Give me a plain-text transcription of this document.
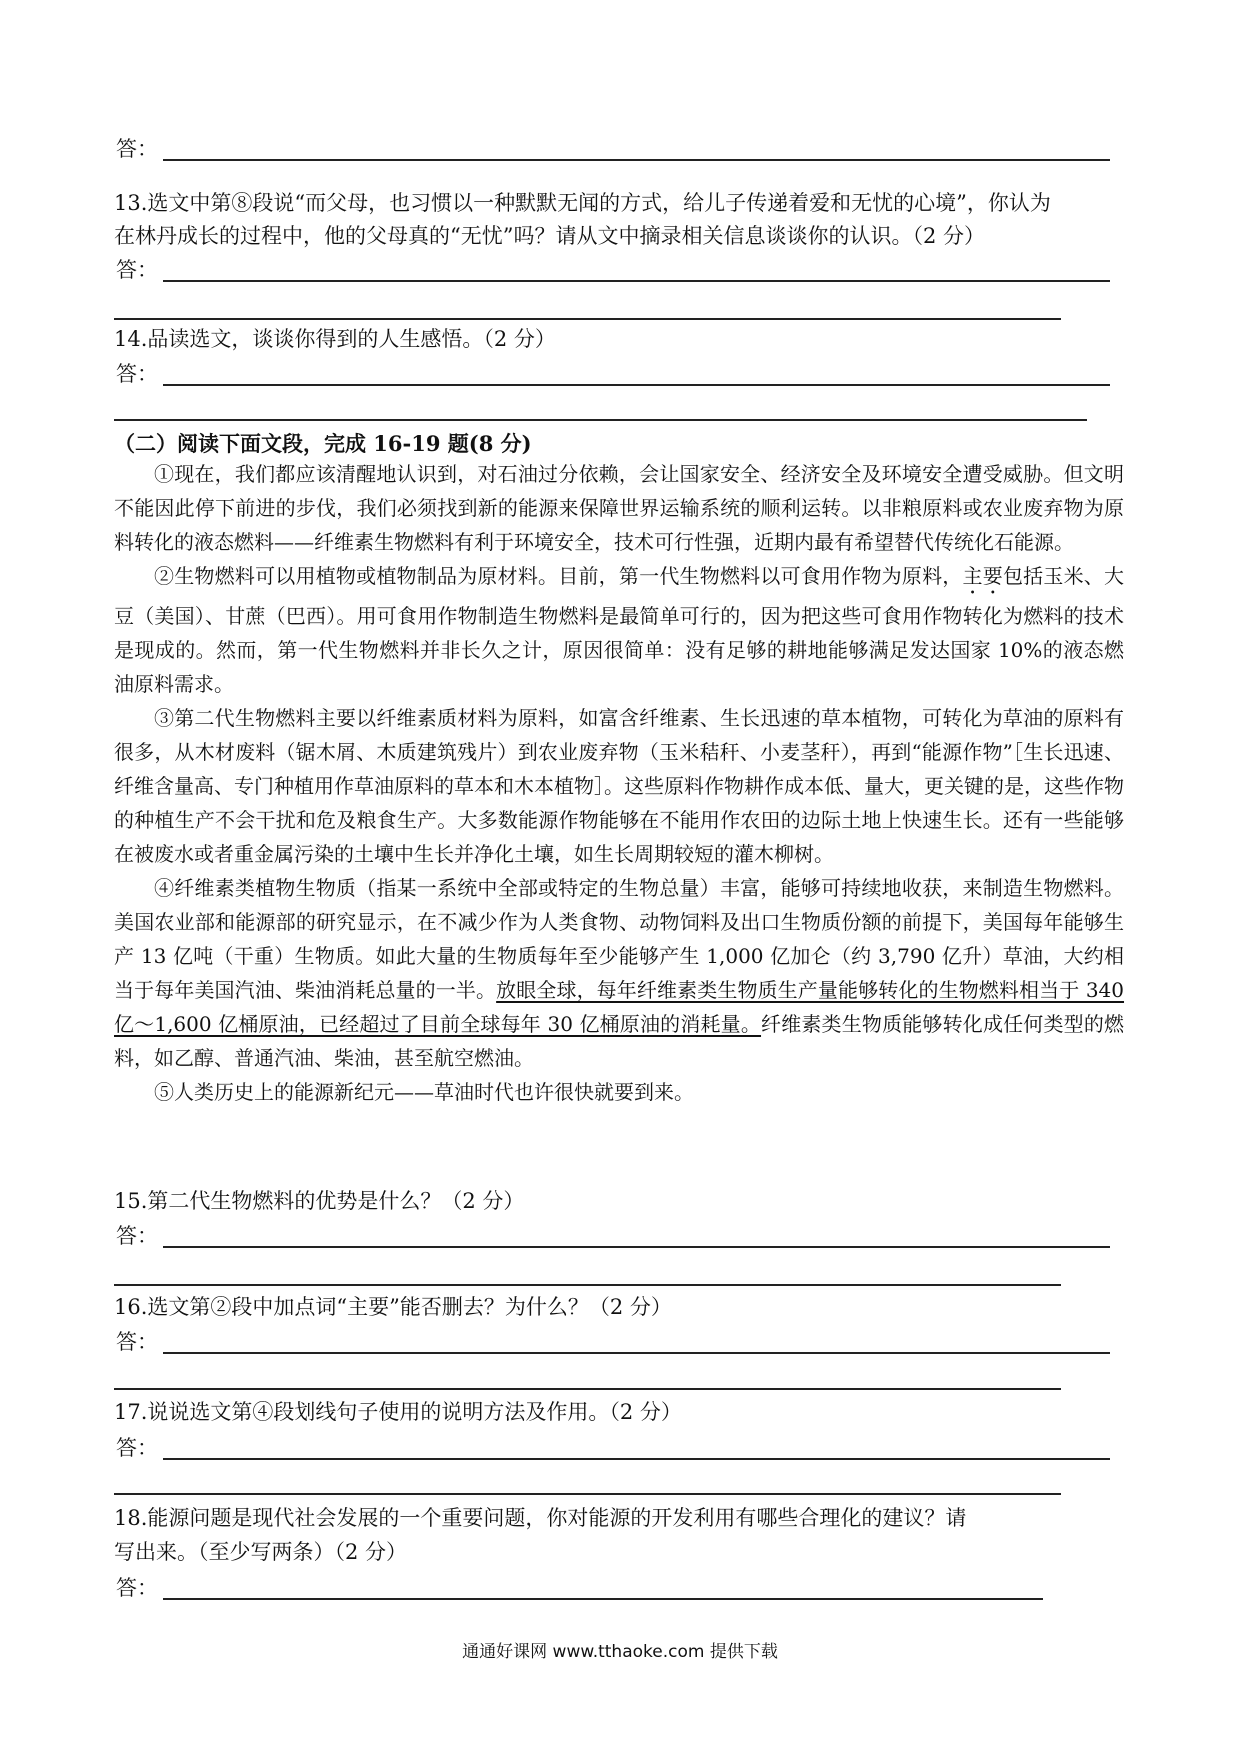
答：
13.选文中第⑧段说“而父母，也习惯以一种默默无闻的方式，给儿子传递着爱和无忧的心境”，你认为
在林丹成长的过程中，他的父母真的“无忧”吗？请从文中摘录相关信息谈谈你的认识。（2 分）
答：
14.品读选文，谈谈你得到的人生感悟。（2 分）
答：
（二）阅读下面文段，完成 16-19 题(8 分)

①现在，我们都应该清醒地认识到，对石油过分依赖，会让国家安全、经济安全及环境安全遭受威胁。但文明不能因此停下前进的步伐，我们必须找到新的能源来保障世界运输系统的顺利运转。以非粮原料或农业废弃物为原料转化的液态燃料——纤维素生物燃料有利于环境安全，技术可行性强，近期内最有希望替代传统化石能源。

②生物燃料可以用植物或植物制品为原材料。目前，第一代生物燃料以可食用作物为原料，主要包括玉米、大豆（美国）、甘蔗（巴西）。用可食用作物制造生物燃料是最简单可行的，因为把这些可食用作物转化为燃料的技术是现成的。然而，第一代生物燃料并非长久之计，原因很简单：没有足够的耕地能够满足发达国家 10%的液态燃油原料需求。

③第二代生物燃料主要以纤维素质材料为原料，如富含纤维素、生长迅速的草本植物，可转化为草油的原料有很多，从木材废料（锯木屑、木质建筑残片）到农业废弃物（玉米秸秆、小麦茎秆），再到“能源作物”［生长迅速、纤维含量高、专门种植用作草油原料的草本和木本植物］。这些原料作物耕作成本低、量大，更关键的是，这些作物的种植生产不会干扰和危及粮食生产。大多数能源作物能够在不能用作农田的边际土地上快速生长。还有一些能够在被废水或者重金属污染的土壤中生长并净化土壤，如生长周期较短的灌木柳树。

④纤维素类植物生物质（指某一系统中全部或特定的生物总量）丰富，能够可持续地收获，来制造生物燃料。美国农业部和能源部的研究显示，在不减少作为人类食物、动物饲料及出口生物质份额的前提下，美国每年能够生产 13 亿吨（干重）生物质。如此大量的生物质每年至少能够产生 1,000 亿加仑（约 3,790 亿升）草油，大约相当于每年美国汽油、柴油消耗总量的一半。放眼全球，每年纤维素类生物质生产量能够转化的生物燃料相当于 340 亿～1,600 亿桶原油，已经超过了目前全球每年 30 亿桶原油的消耗量。纤维素类生物质能够转化成任何类型的燃料，如乙醇、普通汽油、柴油，甚至航空燃油。

⑤人类历史上的能源新纪元——草油时代也许很快就要到来。

15.第二代生物燃料的优势是什么？（2 分）
答：
16.选文第②段中加点词“主要”能否删去？为什么？（2 分）
答：
17.说说选文第④段划线句子使用的说明方法及作用。（2 分）
答：
18.能源问题是现代社会发展的一个重要问题，你对能源的开发利用有哪些合理化的建议？请
写出来。（至少写两条）（2 分）
答：
通通好课网 www.tthaoke.com 提供下载
